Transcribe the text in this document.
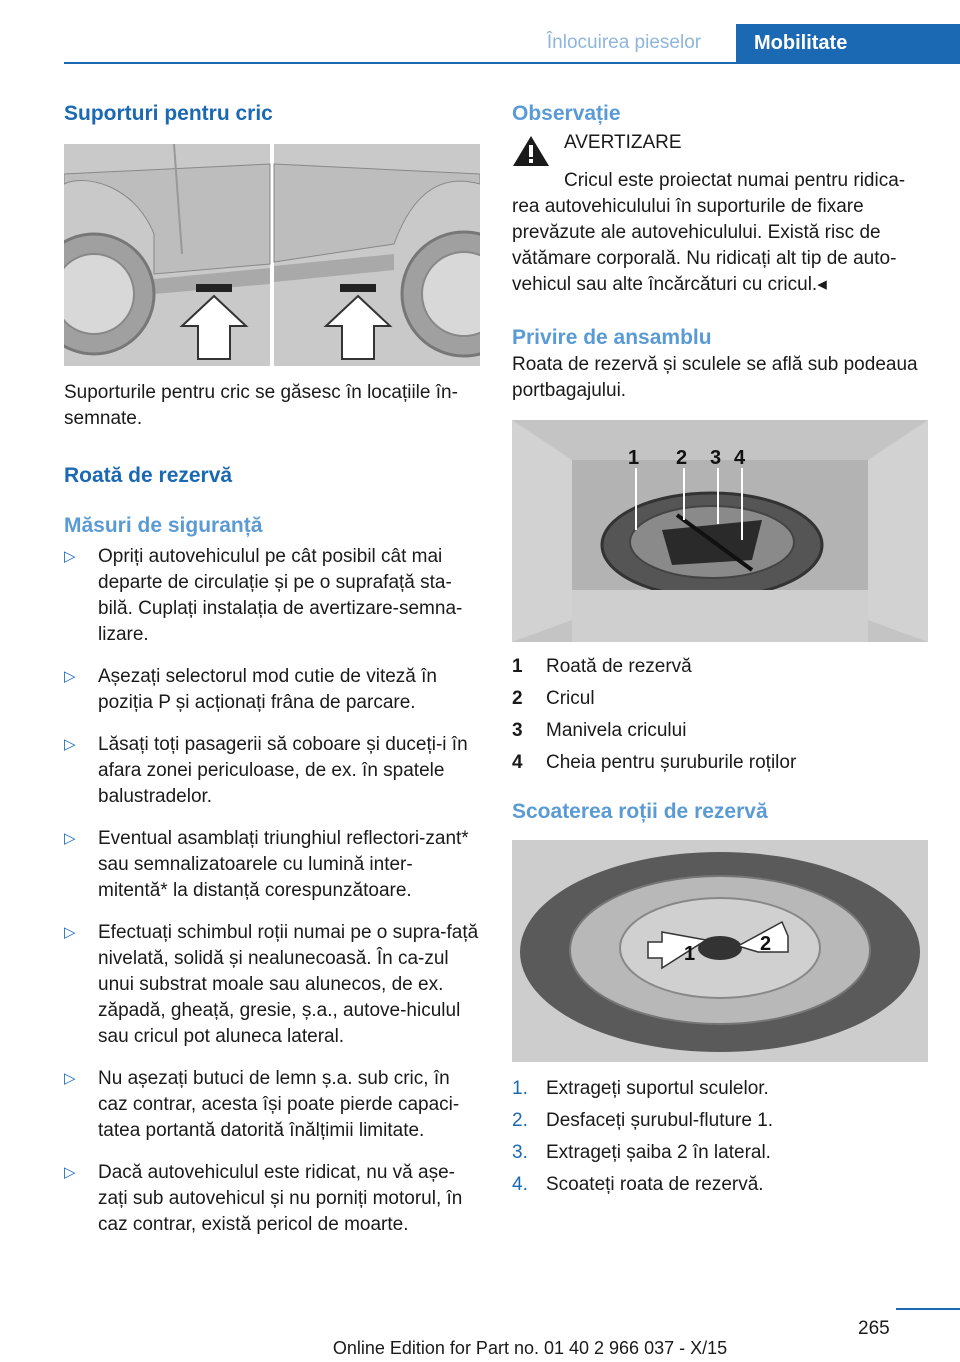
Înlocuirea pieselor	Mobilitate
Suporturi pentru cric

Suporturile pentru cric se găsesc în locațiile în-semnate.

Roată de rezervă
Măsuri de siguranță
▷ Opriți autovehiculul pe cât posibil cât mai departe de circulație și pe o suprafață sta-bilă. Cuplați instalația de avertizare-semna-lizare.
▷ Așezați selectorul mod cutie de viteză în poziția P și acționați frâna de parcare.
▷ Lăsați toți pasagerii să coboare și duceți-i în afara zonei periculoase, de ex. în spatele balustradelor.
▷ Eventual asamblați triunghiul reflectori-zant* sau semnalizatoarele cu lumină inter-mitentă* la distanță corespunzătoare.
▷ Efectuați schimbul roții numai pe o supra-față nivelată, solidă și nealunecoasă. În ca-zul unui substrat moale sau alunecos, de ex. zăpadă, gheață, gresie, ș.a., autove-hiculul sau cricul pot aluneca lateral.
▷ Nu așezați butuci de lemn ș.a. sub cric, în caz contrar, acesta își poate pierde capaci-tatea portantă datorită înălțimii limitate.
▷ Dacă autovehiculul este ridicat, nu vă așe-zați sub autovehicul și nu porniți motorul, în caz contrar, există pericol de moarte.
Observație

AVERTIZARE

Cricul este proiectat numai pentru ridica-rea autovehiculului în suporturile de fixare prevăzute ale autovehiculului. Există risc de vătămare corporală. Nu ridicați alt tip de auto-vehicul sau alte încărcături cu cricul.◂

Privire de ansamblu

Roata de rezervă și sculele se află sub podeaua portbagajului.

1 2 3 4
1	Roată de rezervă
2	Cricul
3	Manivela cricului
4	Cheia pentru șuruburile roților
Scoaterea roții de rezervă
1	2
1. Extrageți suportul sculelor.
2. Desfaceți șurubul-fluture 1.
3. Extrageți șaiba 2 în lateral.
4. Scoateți roata de rezervă.
265
Online Edition for Part no. 01 40 2 966 037 - X/15
